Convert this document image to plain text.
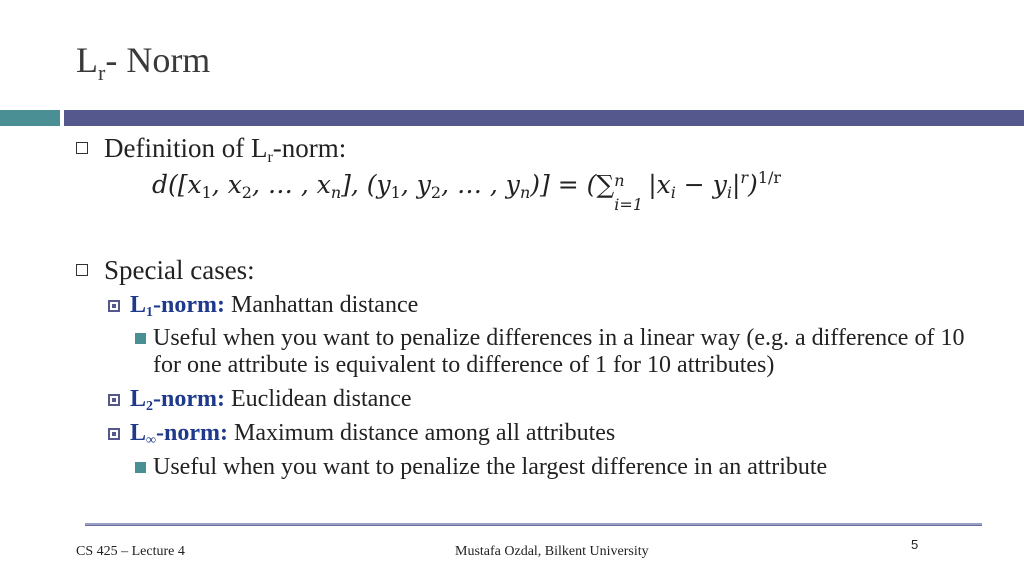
$L_r-$ Norm
Definition of $L_r$-norm:
$d([x_1$, $x_2$, … , $x_n$], ($y_1$, $y_2$, … , $y_n$)] = (∑ n
i=1
$|x_i - y_i|^r)^{1/r}$
Special cases:
$L_1$-norm: Manhattan distance
Useful when you want to penalize differences in a linear way (e.g. a difference of 10 for one attribute is equivalent to difference of 1 for 10 attributes)
$L_2$-norm: Euclidean distance
$L_\infty$-norm: Maximum distance among all attributes
Useful when you want to penalize the largest difference in an attribute
CS 425 – Lecture 4	Mustafa Ozdal, Bilkent University	5
